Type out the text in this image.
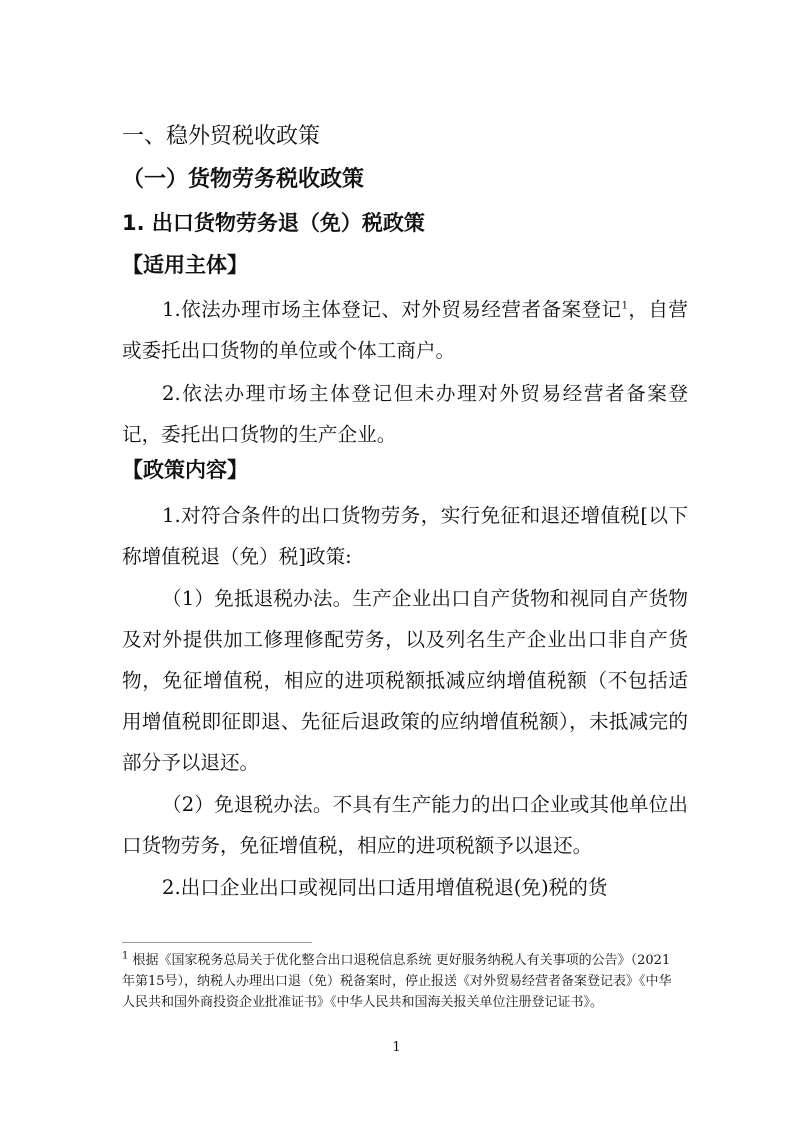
一、稳外贸税收政策
（一）货物劳务税收政策
1. 出口货物劳务退（免）税政策
【适用主体】

1.依法办理市场主体登记、对外贸易经营者备案登记$^1$，自营或委托出口货物的单位或个体工商户。

2.依法办理市场主体登记但未办理对外贸易经营者备案登记，委托出口货物的生产企业。

【政策内容】

1.对符合条件的出口货物劳务，实行免征和退还增值税[以下称增值税退（免）税]政策:

（1）免抵退税办法。生产企业出口自产货物和视同自产货物及对外提供加工修理修配劳务，以及列名生产企业出口非自产货物，免征增值税，相应的进项税额抵减应纳增值税额（不包括适用增值税即征即退、先征后退政策的应纳增值税额），未抵减完的部分予以退还。

（2）免退税办法。不具有生产能力的出口企业或其他单位出口货物劳务，免征增值税，相应的进项税额予以退还。

2.出口企业出口或视同出口适用增值税退(免)税的货

$^1$ 根据《国家税务总局关于优化整合出口退税信息系统 更好服务纳税人有关事项的公告》（2021年第15号），纳税人办理出口退（免）税备案时，停止报送《对外贸易经营者备案登记表》《中华人民共和国外商投资企业批准证书》《中华人民共和国海关报关单位注册登记证书》。

1
